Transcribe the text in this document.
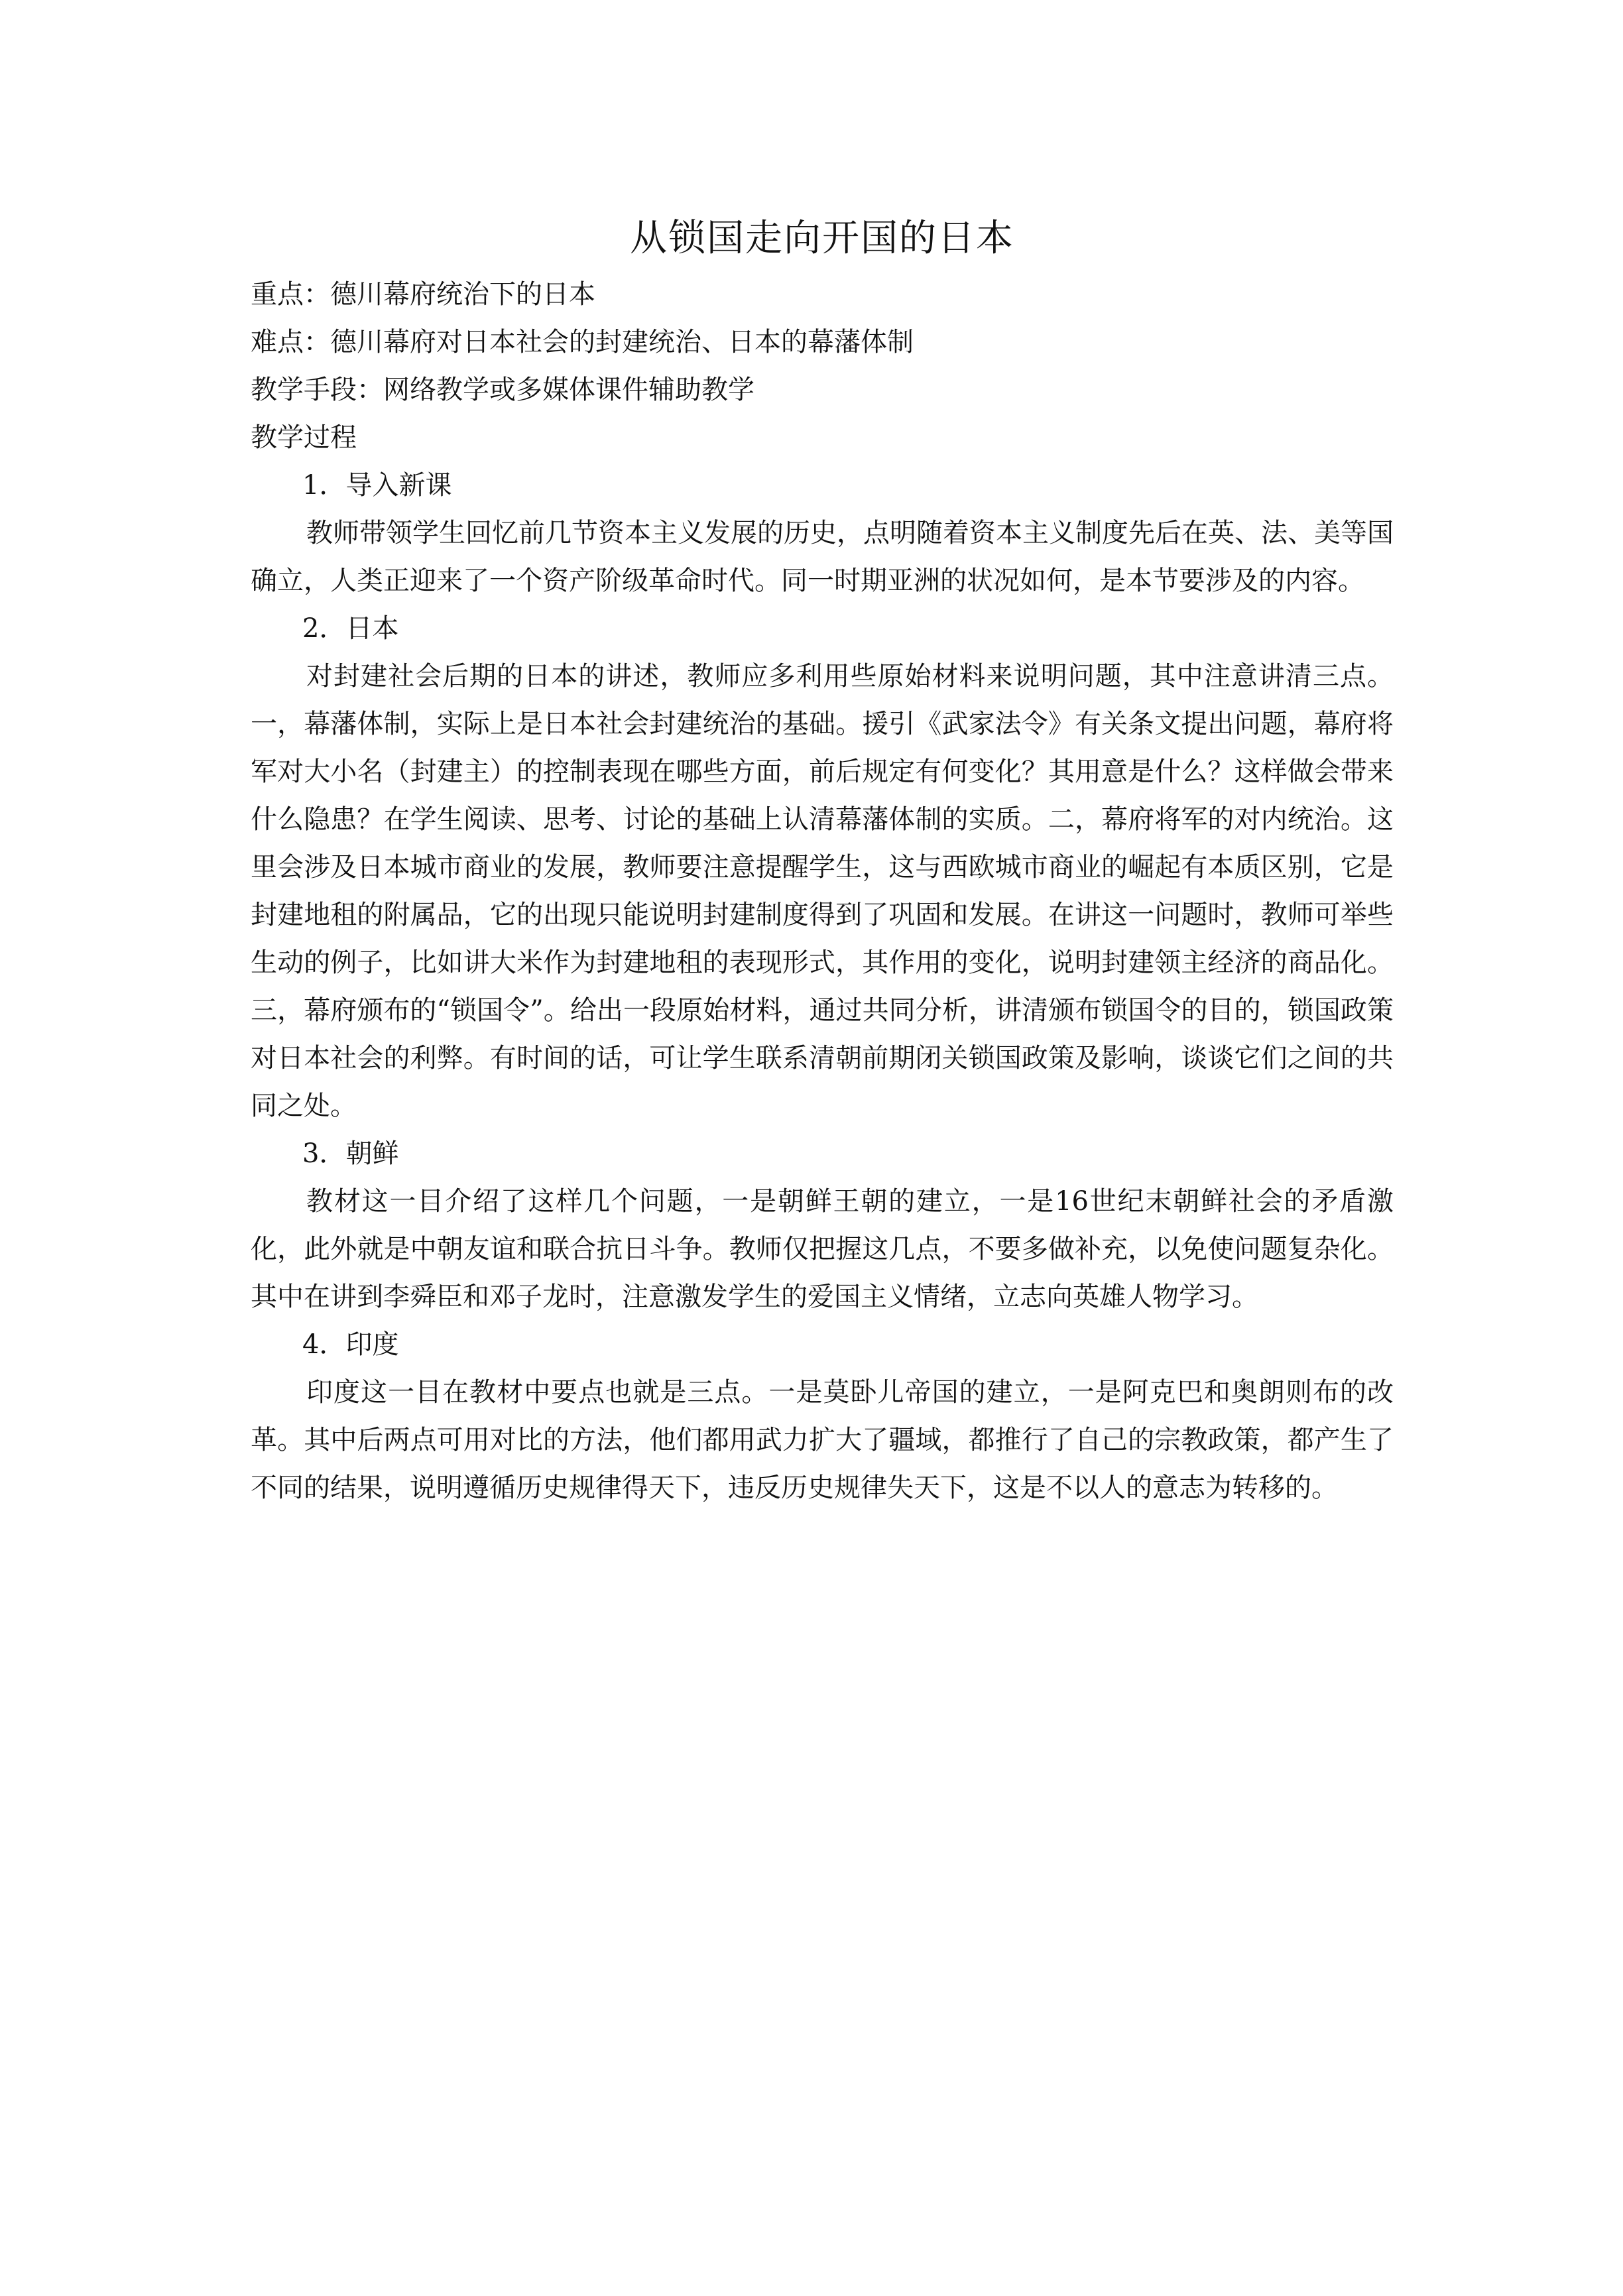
从锁国走向开国的日本

重点：德川幕府统治下的日本

难点：德川幕府对日本社会的封建统治、日本的幕藩体制

教学手段：网络教学或多媒体课件辅助教学

教学过程

1．导入新课

教师带领学生回忆前几节资本主义发展的历史，点明随着资本主义制度先后在英、法、美等国确立，人类正迎来了一个资产阶级革命时代。同一时期亚洲的状况如何，是本节要涉及的内容。

2．日本

对封建社会后期的日本的讲述，教师应多利用些原始材料来说明问题，其中注意讲清三点。一，幕藩体制，实际上是日本社会封建统治的基础。援引《武家法令》有关条文提出问题，幕府将军对大小名（封建主）的控制表现在哪些方面，前后规定有何变化？其用意是什么？这样做会带来什么隐患？在学生阅读、思考、讨论的基础上认清幕藩体制的实质。二，幕府将军的对内统治。这里会涉及日本城市商业的发展，教师要注意提醒学生，这与西欧城市商业的崛起有本质区别，它是封建地租的附属品，它的出现只能说明封建制度得到了巩固和发展。在讲这一问题时，教师可举些生动的例子，比如讲大米作为封建地租的表现形式，其作用的变化，说明封建领主经济的商品化。三，幕府颁布的“锁国令”。给出一段原始材料，通过共同分析，讲清颁布锁国令的目的，锁国政策对日本社会的利弊。有时间的话，可让学生联系清朝前期闭关锁国政策及影响，谈谈它们之间的共同之处。

3．朝鲜

教材这一目介绍了这样几个问题，一是朝鲜王朝的建立，一是16世纪末朝鲜社会的矛盾激化，此外就是中朝友谊和联合抗日斗争。教师仅把握这几点，不要多做补充，以免使问题复杂化。其中在讲到李舜臣和邓子龙时，注意激发学生的爱国主义情绪，立志向英雄人物学习。

4．印度

印度这一目在教材中要点也就是三点。一是莫卧儿帝国的建立，一是阿克巴和奥朗则布的改革。其中后两点可用对比的方法，他们都用武力扩大了疆域，都推行了自己的宗教政策，都产生了不同的结果，说明遵循历史规律得天下，违反历史规律失天下，这是不以人的意志为转移的。
